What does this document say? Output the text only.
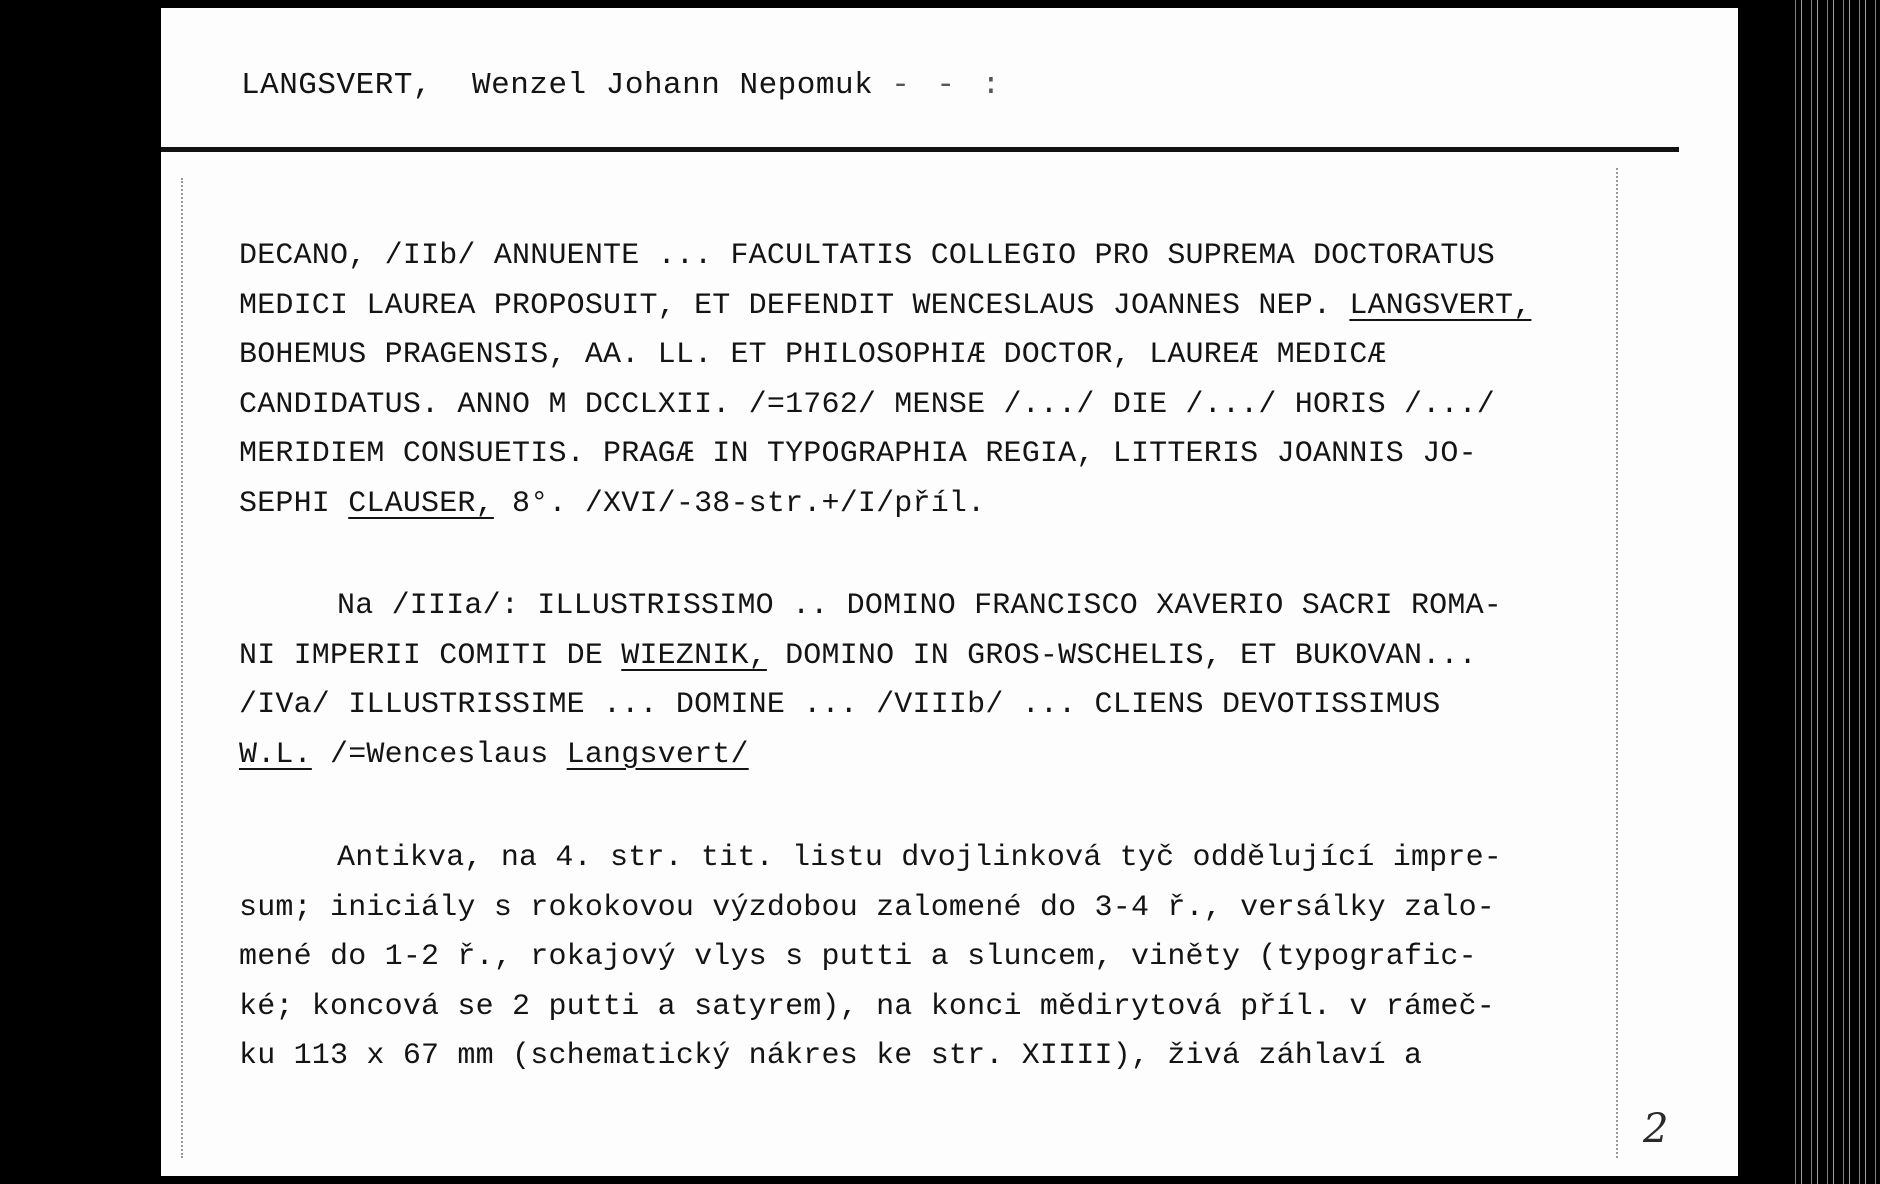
LANGSVERT, Wenzel Johann Nepomuk - - :
DECANO, /IIb/ ANNUENTE ... FACULTATIS COLLEGIO PRO SUPREMA DOCTORATUS
MEDICI LAUREA PROPOSUIT, ET DEFENDIT WENCESLAUS JOANNES NEP. LANGSVERT,
BOHEMUS PRAGENSIS, AA. LL. ET PHILOSOPHIÆ DOCTOR, LAUREÆ MEDICÆ
CANDIDATUS. ANNO M DCCLXII. /=1762/ MENSE /.../ DIE /.../ HORIS /.../
MERIDIEM CONSUETIS. PRAGÆ IN TYPOGRAPHIA REGIA, LITTERIS JOANNIS JO-
SEPHI CLAUSER, 8°. /XVI/-38-str.+/I/příl.
Na /IIIa/: ILLUSTRISSIMO .. DOMINO FRANCISCO XAVERIO SACRI ROMA-
NI IMPERII COMITI DE WIEZNIK, DOMINO IN GROS-WSCHELIS, ET BUKOVAN...
/IVa/ ILLUSTRISSIME ... DOMINE ... /VIIIb/ ... CLIENS DEVOTISSIMUS
W.L. /=Wenceslaus Langsvert/
Antikva, na 4. str. tit. listu dvojlinková tyč oddělující impre-
sum; iniciály s rokokovou výzdobou zalomené do 3-4 ř., versálky zalo-
mené do 1-2 ř., rokajový vlys s putti a sluncem, viněty (typografic-
ké; koncová se 2 putti a satyrem), na konci mědirytová příl. v rámeč-
ku 113 x 67 mm (schematický nákres ke str. XIIII), živá záhlaví a
2
